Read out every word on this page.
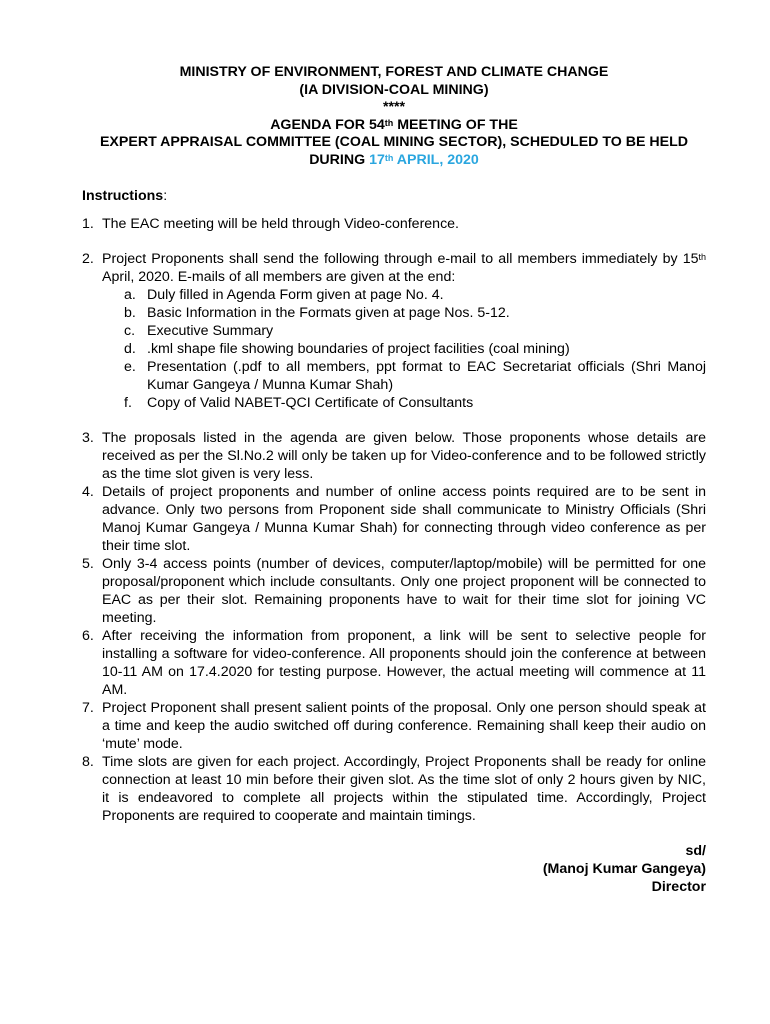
MINISTRY OF ENVIRONMENT, FOREST AND CLIMATE CHANGE
(IA DIVISION-COAL MINING)
****
AGENDA FOR 54th MEETING OF THE
EXPERT APPRAISAL COMMITTEE (COAL MINING SECTOR), SCHEDULED TO BE HELD
DURING 17th APRIL, 2020
Instructions:
1. The EAC meeting will be held through Video-conference.
2. Project Proponents shall send the following through e-mail to all members immediately by 15th April, 2020. E-mails of all members are given at the end:
a. Duly filled in Agenda Form given at page No. 4.
b. Basic Information in the Formats given at page Nos. 5-12.
c. Executive Summary
d. .kml shape file showing boundaries of project facilities (coal mining)
e. Presentation (.pdf to all members, ppt format to EAC Secretariat officials (Shri Manoj Kumar Gangeya / Munna Kumar Shah)
f. Copy of Valid NABET-QCI Certificate of Consultants
3. The proposals listed in the agenda are given below. Those proponents whose details are received as per the Sl.No.2 will only be taken up for Video-conference and to be followed strictly as the time slot given is very less.
4. Details of project proponents and number of online access points required are to be sent in advance. Only two persons from Proponent side shall communicate to Ministry Officials (Shri Manoj Kumar Gangeya / Munna Kumar Shah) for connecting through video conference as per their time slot.
5. Only 3-4 access points (number of devices, computer/laptop/mobile) will be permitted for one proposal/proponent which include consultants. Only one project proponent will be connected to EAC as per their slot. Remaining proponents have to wait for their time slot for joining VC meeting.
6. After receiving the information from proponent, a link will be sent to selective people for installing a software for video-conference. All proponents should join the conference at between 10-11 AM on 17.4.2020 for testing purpose. However, the actual meeting will commence at 11 AM.
7. Project Proponent shall present salient points of the proposal. Only one person should speak at a time and keep the audio switched off during conference. Remaining shall keep their audio on ‘mute’ mode.
8. Time slots are given for each project. Accordingly, Project Proponents shall be ready for online connection at least 10 min before their given slot. As the time slot of only 2 hours given by NIC, it is endeavored to complete all projects within the stipulated time. Accordingly, Project Proponents are required to cooperate and maintain timings.
sd/
(Manoj Kumar Gangeya)
Director
